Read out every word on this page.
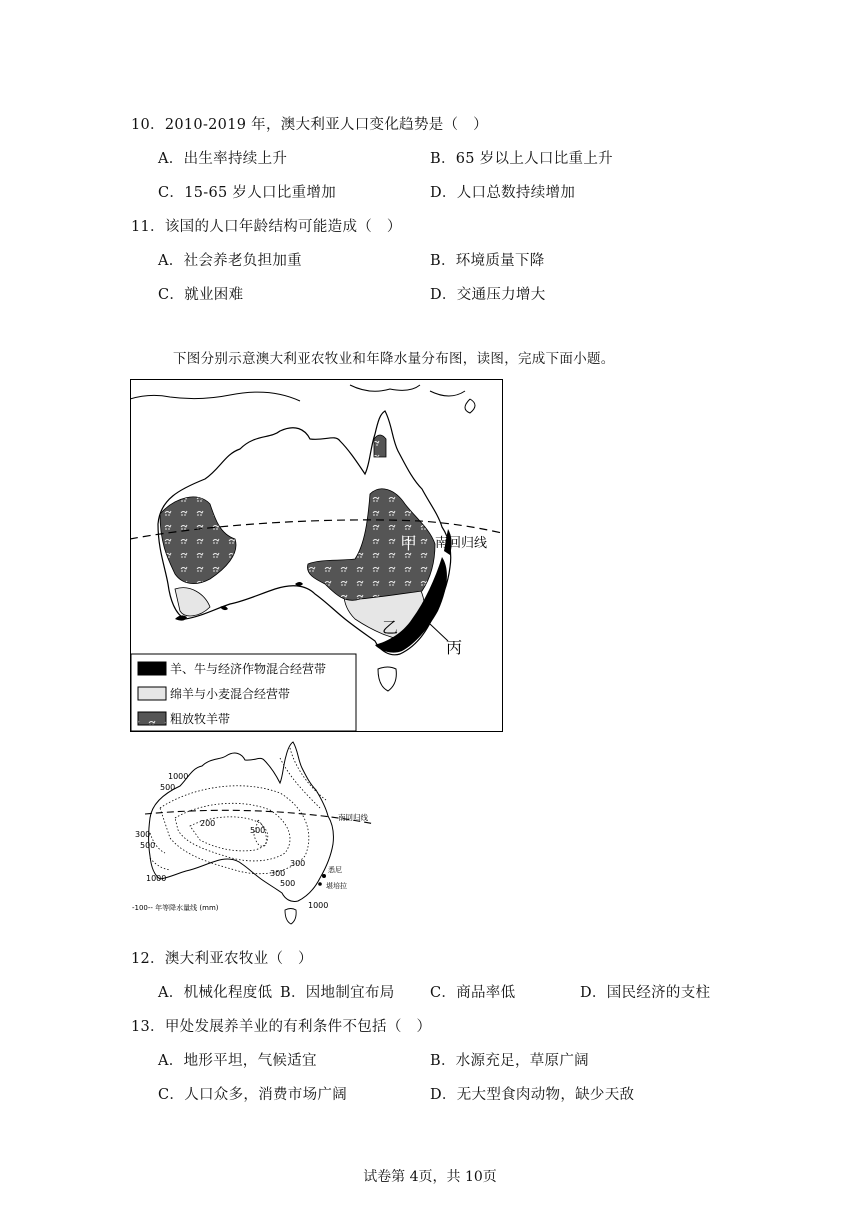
10．2010-2019 年，澳大利亚人口变化趋势是（　）
A．出生率持续上升	B．65 岁以上人口比重上升
C．15-65 岁人口比重增加	D．人口总数持续增加
11．该国的人口年龄结构可能造成（　）
A．社会养老负担加重	B．环境质量下降
C．就业困难	D．交通压力增大
下图分别示意澳大利亚农牧业和年降水量分布图，读图，完成下面小题。
南回归线
甲
乙
丙
羊、牛与经济作物混合经营带
绵羊与小麦混合经营带
粗放牧羊带
南回归线
1000
500
200
300
500
300
500
1000
300
500
1000
悉尼
堪培拉
-100-- 年等降水量线 (mm)
12．澳大利亚农牧业（　）
A．机械化程度低 B．因地制宜布局 C．商品率低	D．国民经济的支柱
13．甲处发展养羊业的有利条件不包括（　）
A．地形平坦，气候适宜	B．水源充足，草原广阔
C．人口众多，消费市场广阔	D．无大型食肉动物，缺少天敌
试卷第 4页，共 10页
